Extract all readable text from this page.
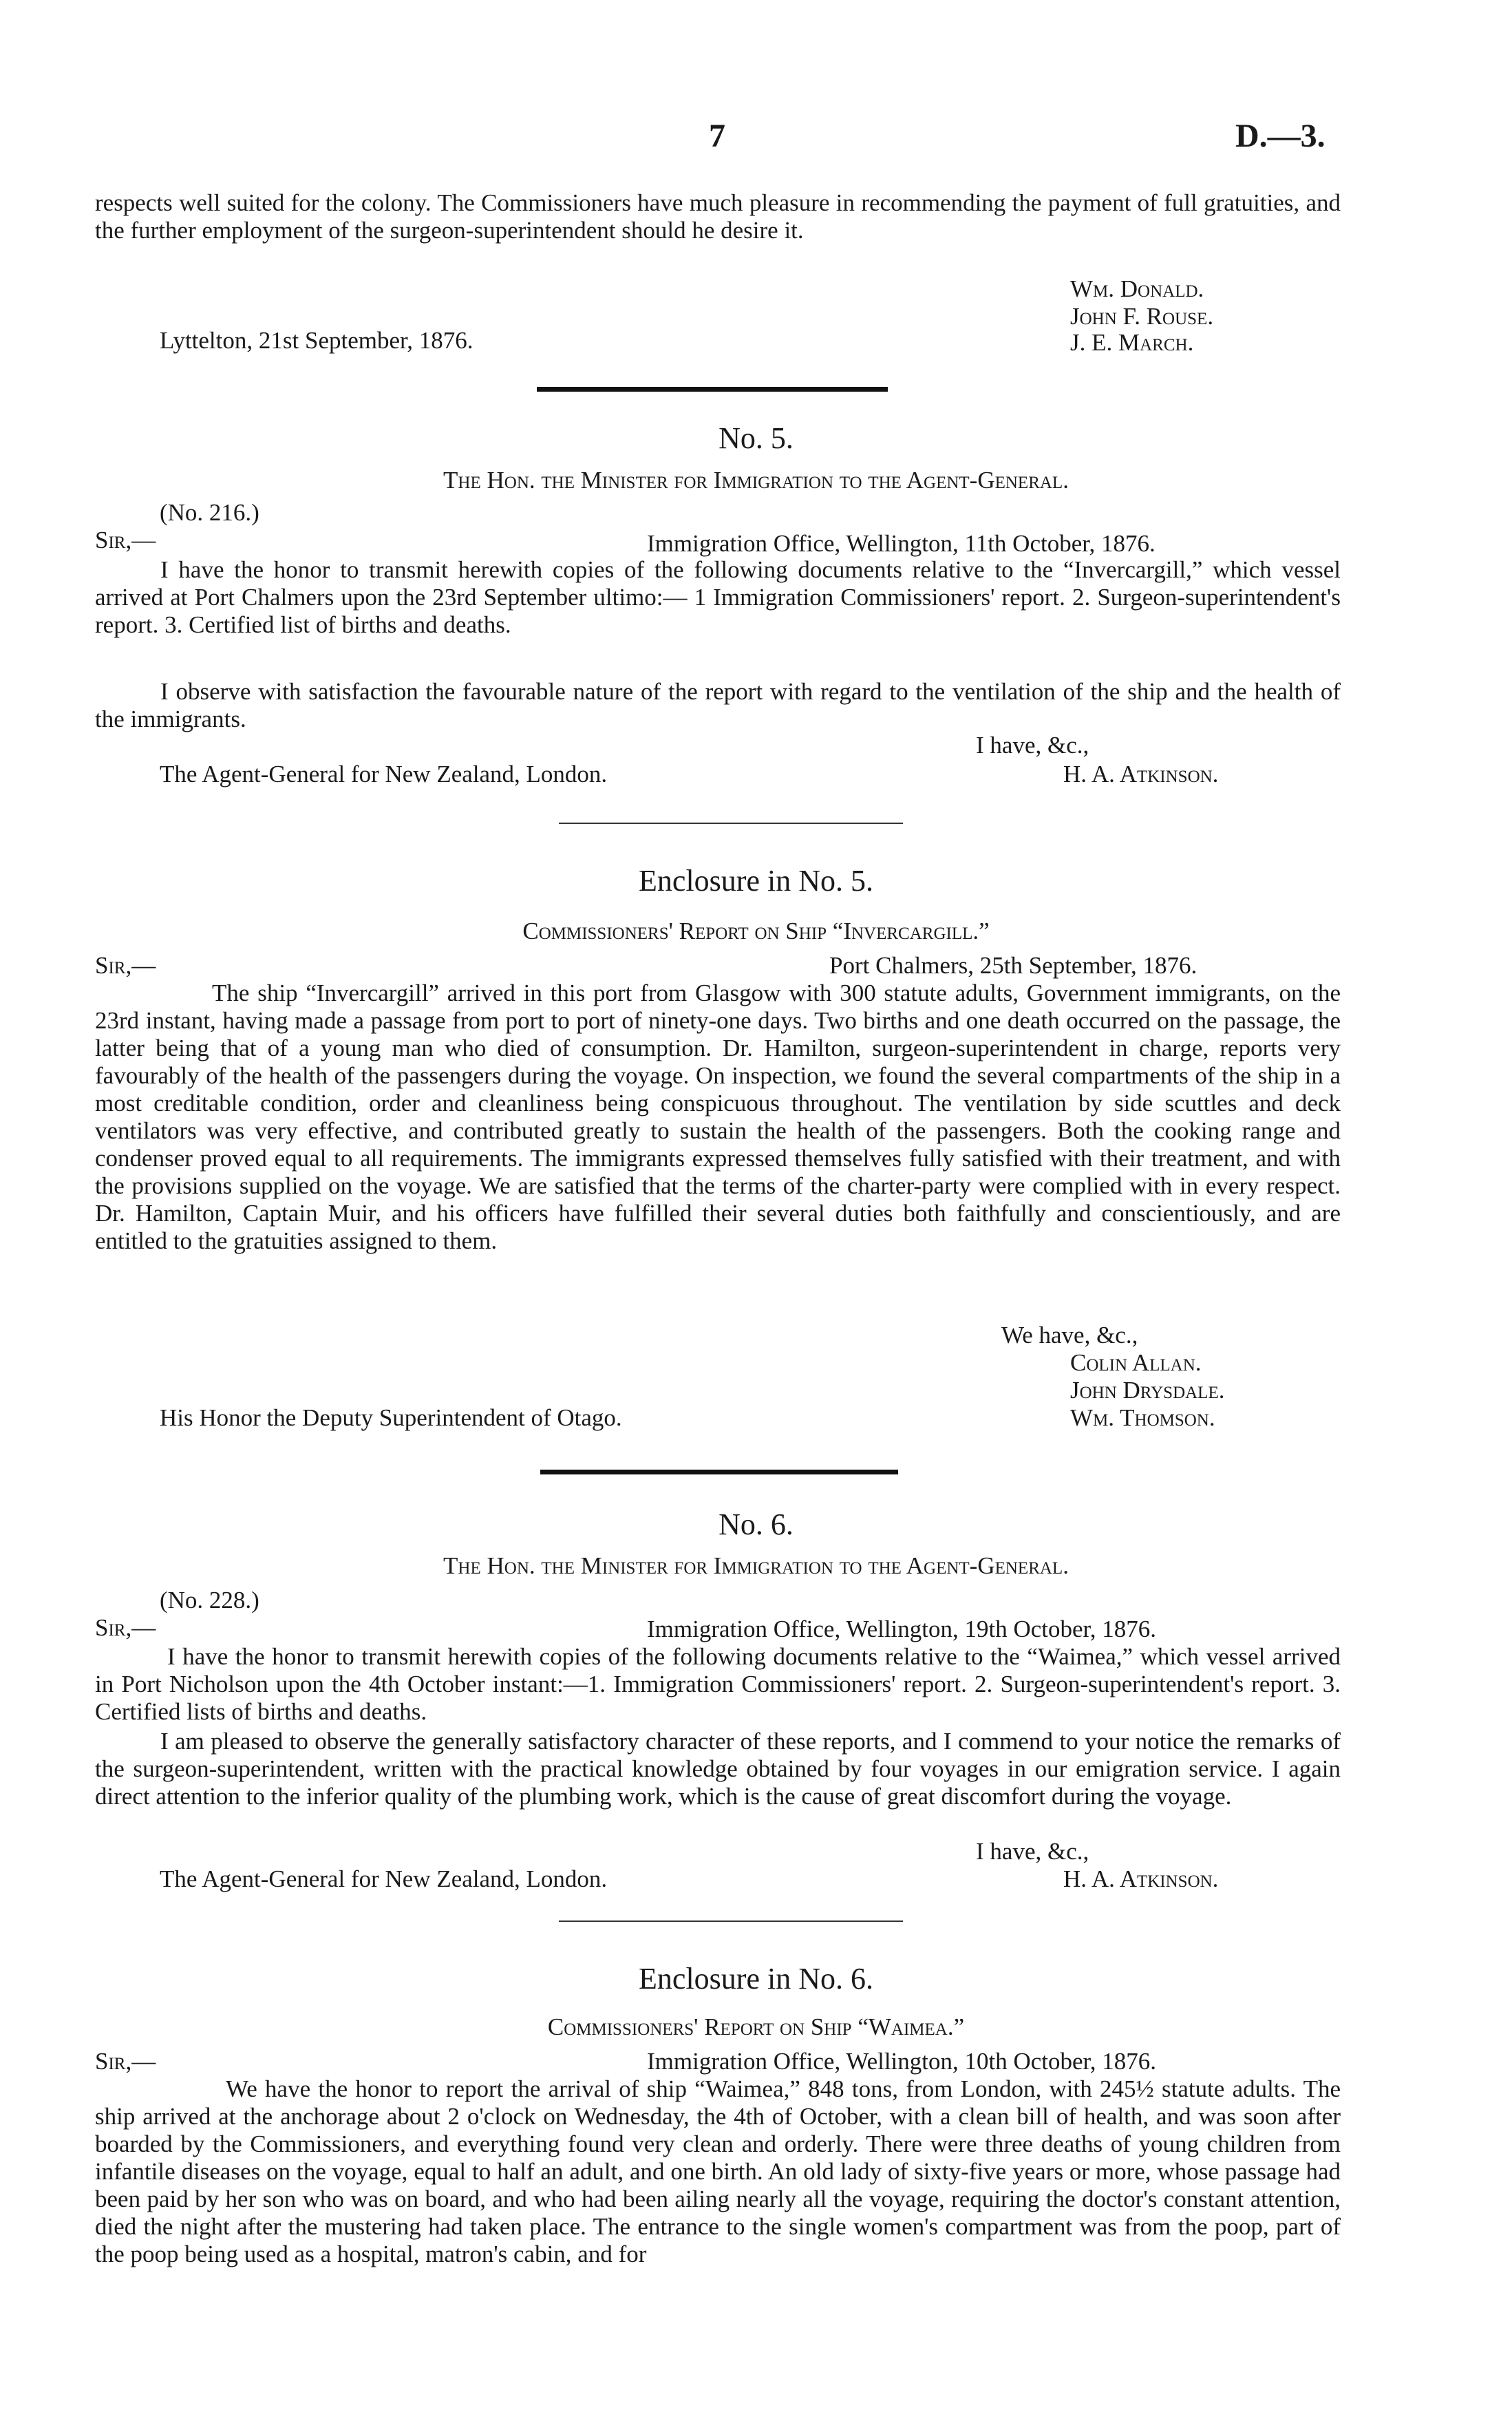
7	D.—3.

respects well suited for the colony. The Commissioners have much pleasure in recommending the payment of full gratuities, and the further employment of the surgeon-superintendent should he desire it.

Wm. Donald.
John F. Rouse.
Lyttelton, 21st September, 1876.	J. E. March.
No. 5.
The Hon. the Minister for Immigration to the Agent-General.
(No. 216.)
Sir,—	Immigration Office, Wellington, 11th October, 1876.

I have the honor to transmit herewith copies of the following documents relative to the “Invercargill,” which vessel arrived at Port Chalmers upon the 23rd September ultimo:— 1 Immigration Commissioners' report. 2. Surgeon-superintendent's report. 3. Certified list of births and deaths.

I observe with satisfaction the favourable nature of the report with regard to the ventilation of the ship and the health of the immigrants.

I have, &c.,
The Agent-General for New Zealand, London.	H. A. Atkinson.
Enclosure in No. 5.
Commissioners' Report on Ship “Invercargill.”
Sir,—	Port Chalmers, 25th September, 1876.

The ship “Invercargill” arrived in this port from Glasgow with 300 statute adults, Government immigrants, on the 23rd instant, having made a passage from port to port of ninety-one days. Two births and one death occurred on the passage, the latter being that of a young man who died of consumption. Dr. Hamilton, surgeon-superintendent in charge, reports very favourably of the health of the passengers during the voyage. On inspection, we found the several compartments of the ship in a most creditable condition, order and cleanliness being conspicuous throughout. The ventilation by side scuttles and deck ventilators was very effective, and contributed greatly to sustain the health of the passengers. Both the cooking range and condenser proved equal to all requirements. The immigrants expressed themselves fully satisfied with their treatment, and with the provisions supplied on the voyage. We are satisfied that the terms of the charter-party were complied with in every respect. Dr. Hamilton, Captain Muir, and his officers have fulfilled their several duties both faithfully and conscientiously, and are entitled to the gratuities assigned to them.

We have, &c.,
Colin Allan.
John Drysdale.
His Honor the Deputy Superintendent of Otago.	Wm. Thomson.
No. 6.
The Hon. the Minister for Immigration to the Agent-General.
(No. 228.)
Sir,—	Immigration Office, Wellington, 19th October, 1876.

I have the honor to transmit herewith copies of the following documents relative to the “Waimea,” which vessel arrived in Port Nicholson upon the 4th October instant:—1. Immigration Commissioners' report. 2. Surgeon-superintendent's report. 3. Certified lists of births and deaths.

I am pleased to observe the generally satisfactory character of these reports, and I commend to your notice the remarks of the surgeon-superintendent, written with the practical knowledge obtained by four voyages in our emigration service. I again direct attention to the inferior quality of the plumbing work, which is the cause of great discomfort during the voyage.

I have, &c.,
The Agent-General for New Zealand, London.	H. A. Atkinson.
Enclosure in No. 6.
Commissioners' Report on Ship “Waimea.”
Sir,—	Immigration Office, Wellington, 10th October, 1876.

We have the honor to report the arrival of ship “Waimea,” 848 tons, from London, with 245½ statute adults. The ship arrived at the anchorage about 2 o'clock on Wednesday, the 4th of October, with a clean bill of health, and was soon after boarded by the Commissioners, and everything found very clean and orderly. There were three deaths of young children from infantile diseases on the voyage, equal to half an adult, and one birth. An old lady of sixty-five years or more, whose passage had been paid by her son who was on board, and who had been ailing nearly all the voyage, requiring the doctor's constant attention, died the night after the mustering had taken place. The entrance to the single women's compartment was from the poop, part of the poop being used as a hospital, matron's cabin, and for
